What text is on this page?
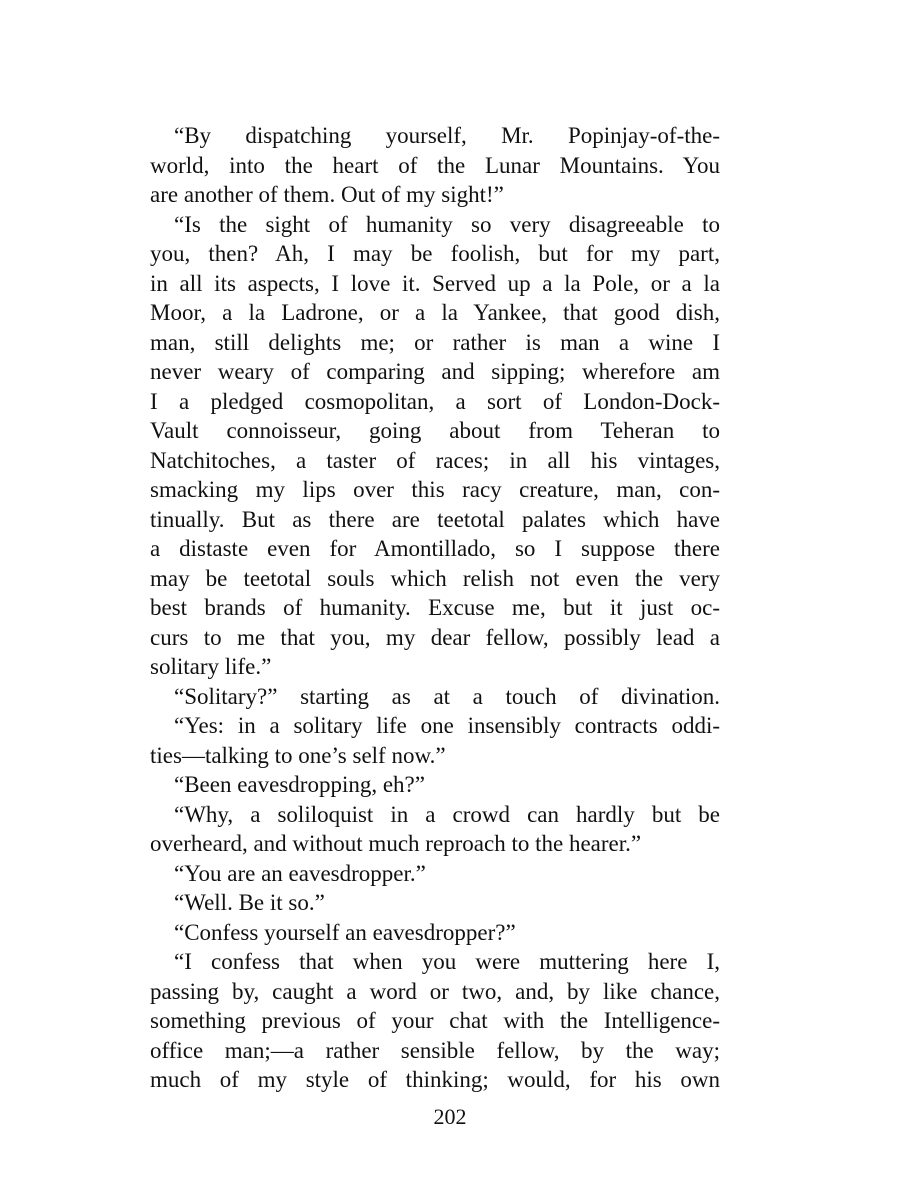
“By dispatching yourself, Mr. Popinjay-of-the-
world, into the heart of the Lunar Mountains. You
are another of them. Out of my sight!”
“Is the sight of humanity so very disagreeable to
you, then? Ah, I may be foolish, but for my part,
in all its aspects, I love it. Served up a la Pole, or a la
Moor, a la Ladrone, or a la Yankee, that good dish,
man, still delights me; or rather is man a wine I
never weary of comparing and sipping; wherefore am
I a pledged cosmopolitan, a sort of London-Dock-
Vault connoisseur, going about from Teheran to
Natchitoches, a taster of races; in all his vintages,
smacking my lips over this racy creature, man, con-
tinually. But as there are teetotal palates which have
a distaste even for Amontillado, so I suppose there
may be teetotal souls which relish not even the very
best brands of humanity. Excuse me, but it just oc-
curs to me that you, my dear fellow, possibly lead a
solitary life.”
“Solitary?” starting as at a touch of divination.
“Yes: in a solitary life one insensibly contracts oddi-
ties—talking to one’s self now.”
“Been eavesdropping, eh?”
“Why, a soliloquist in a crowd can hardly but be
overheard, and without much reproach to the hearer.”
“You are an eavesdropper.”
“Well. Be it so.”
“Confess yourself an eavesdropper?”
“I confess that when you were muttering here I,
passing by, caught a word or two, and, by like chance,
something previous of your chat with the Intelligence-
office man;—a rather sensible fellow, by the way;
much of my style of thinking; would, for his own
202
